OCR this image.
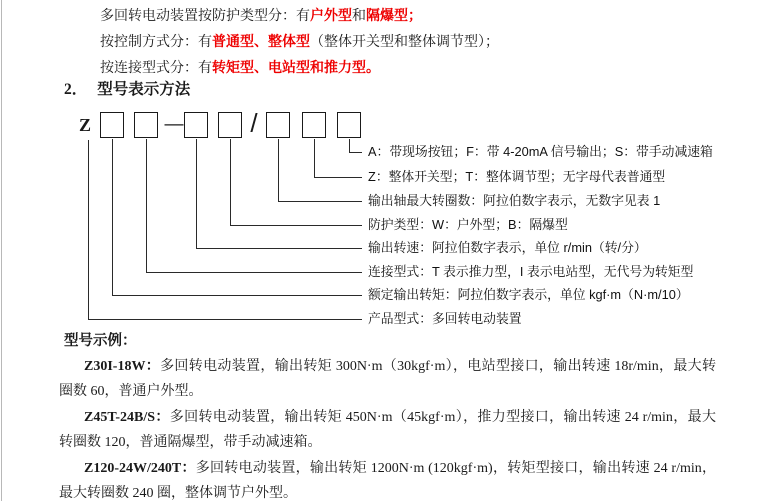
多回转电动装置按防护类型分：有户外型和隔爆型；
按控制方式分：有普通型、整体型（整体开关型和整体调节型）；
按连接型式分：有转矩型、电站型和推力型。
2． 型号表示方法
Z	—	/
A：带现场按钮；F：带 4-20mA 信号输出；S：带手动减速箱
Z：整体开关型；T：整体调节型；无字母代表普通型
输出轴最大转圈数：阿拉伯数字表示，无数字见表 1
防护类型：W：户外型；B：隔爆型
输出转速：阿拉伯数字表示，单位 r/min（转/分）
连接型式：T 表示推力型，I 表示电站型，无代号为转矩型
额定输出转矩：阿拉伯数字表示，单位 kgf·m（N·m/10）
产品型式：多回转电动装置
型号示例：

Z30I-18W：多回转电动装置，输出转矩 300N·m（30kgf·m），电站型接口，输出转速 18r/min，最大转圈数 60，普通户外型。

Z45T-24B/S：多回转电动装置，输出转矩 450N·m（45kgf·m），推力型接口，输出转速 24 r/min，最大转圈数 120，普通隔爆型，带手动减速箱。

Z120-24W/240T：多回转电动装置，输出转矩 1200N·m (120kgf·m)，转矩型接口，输出转速 24 r/min，最大转圈数 240 圈，整体调节户外型。
